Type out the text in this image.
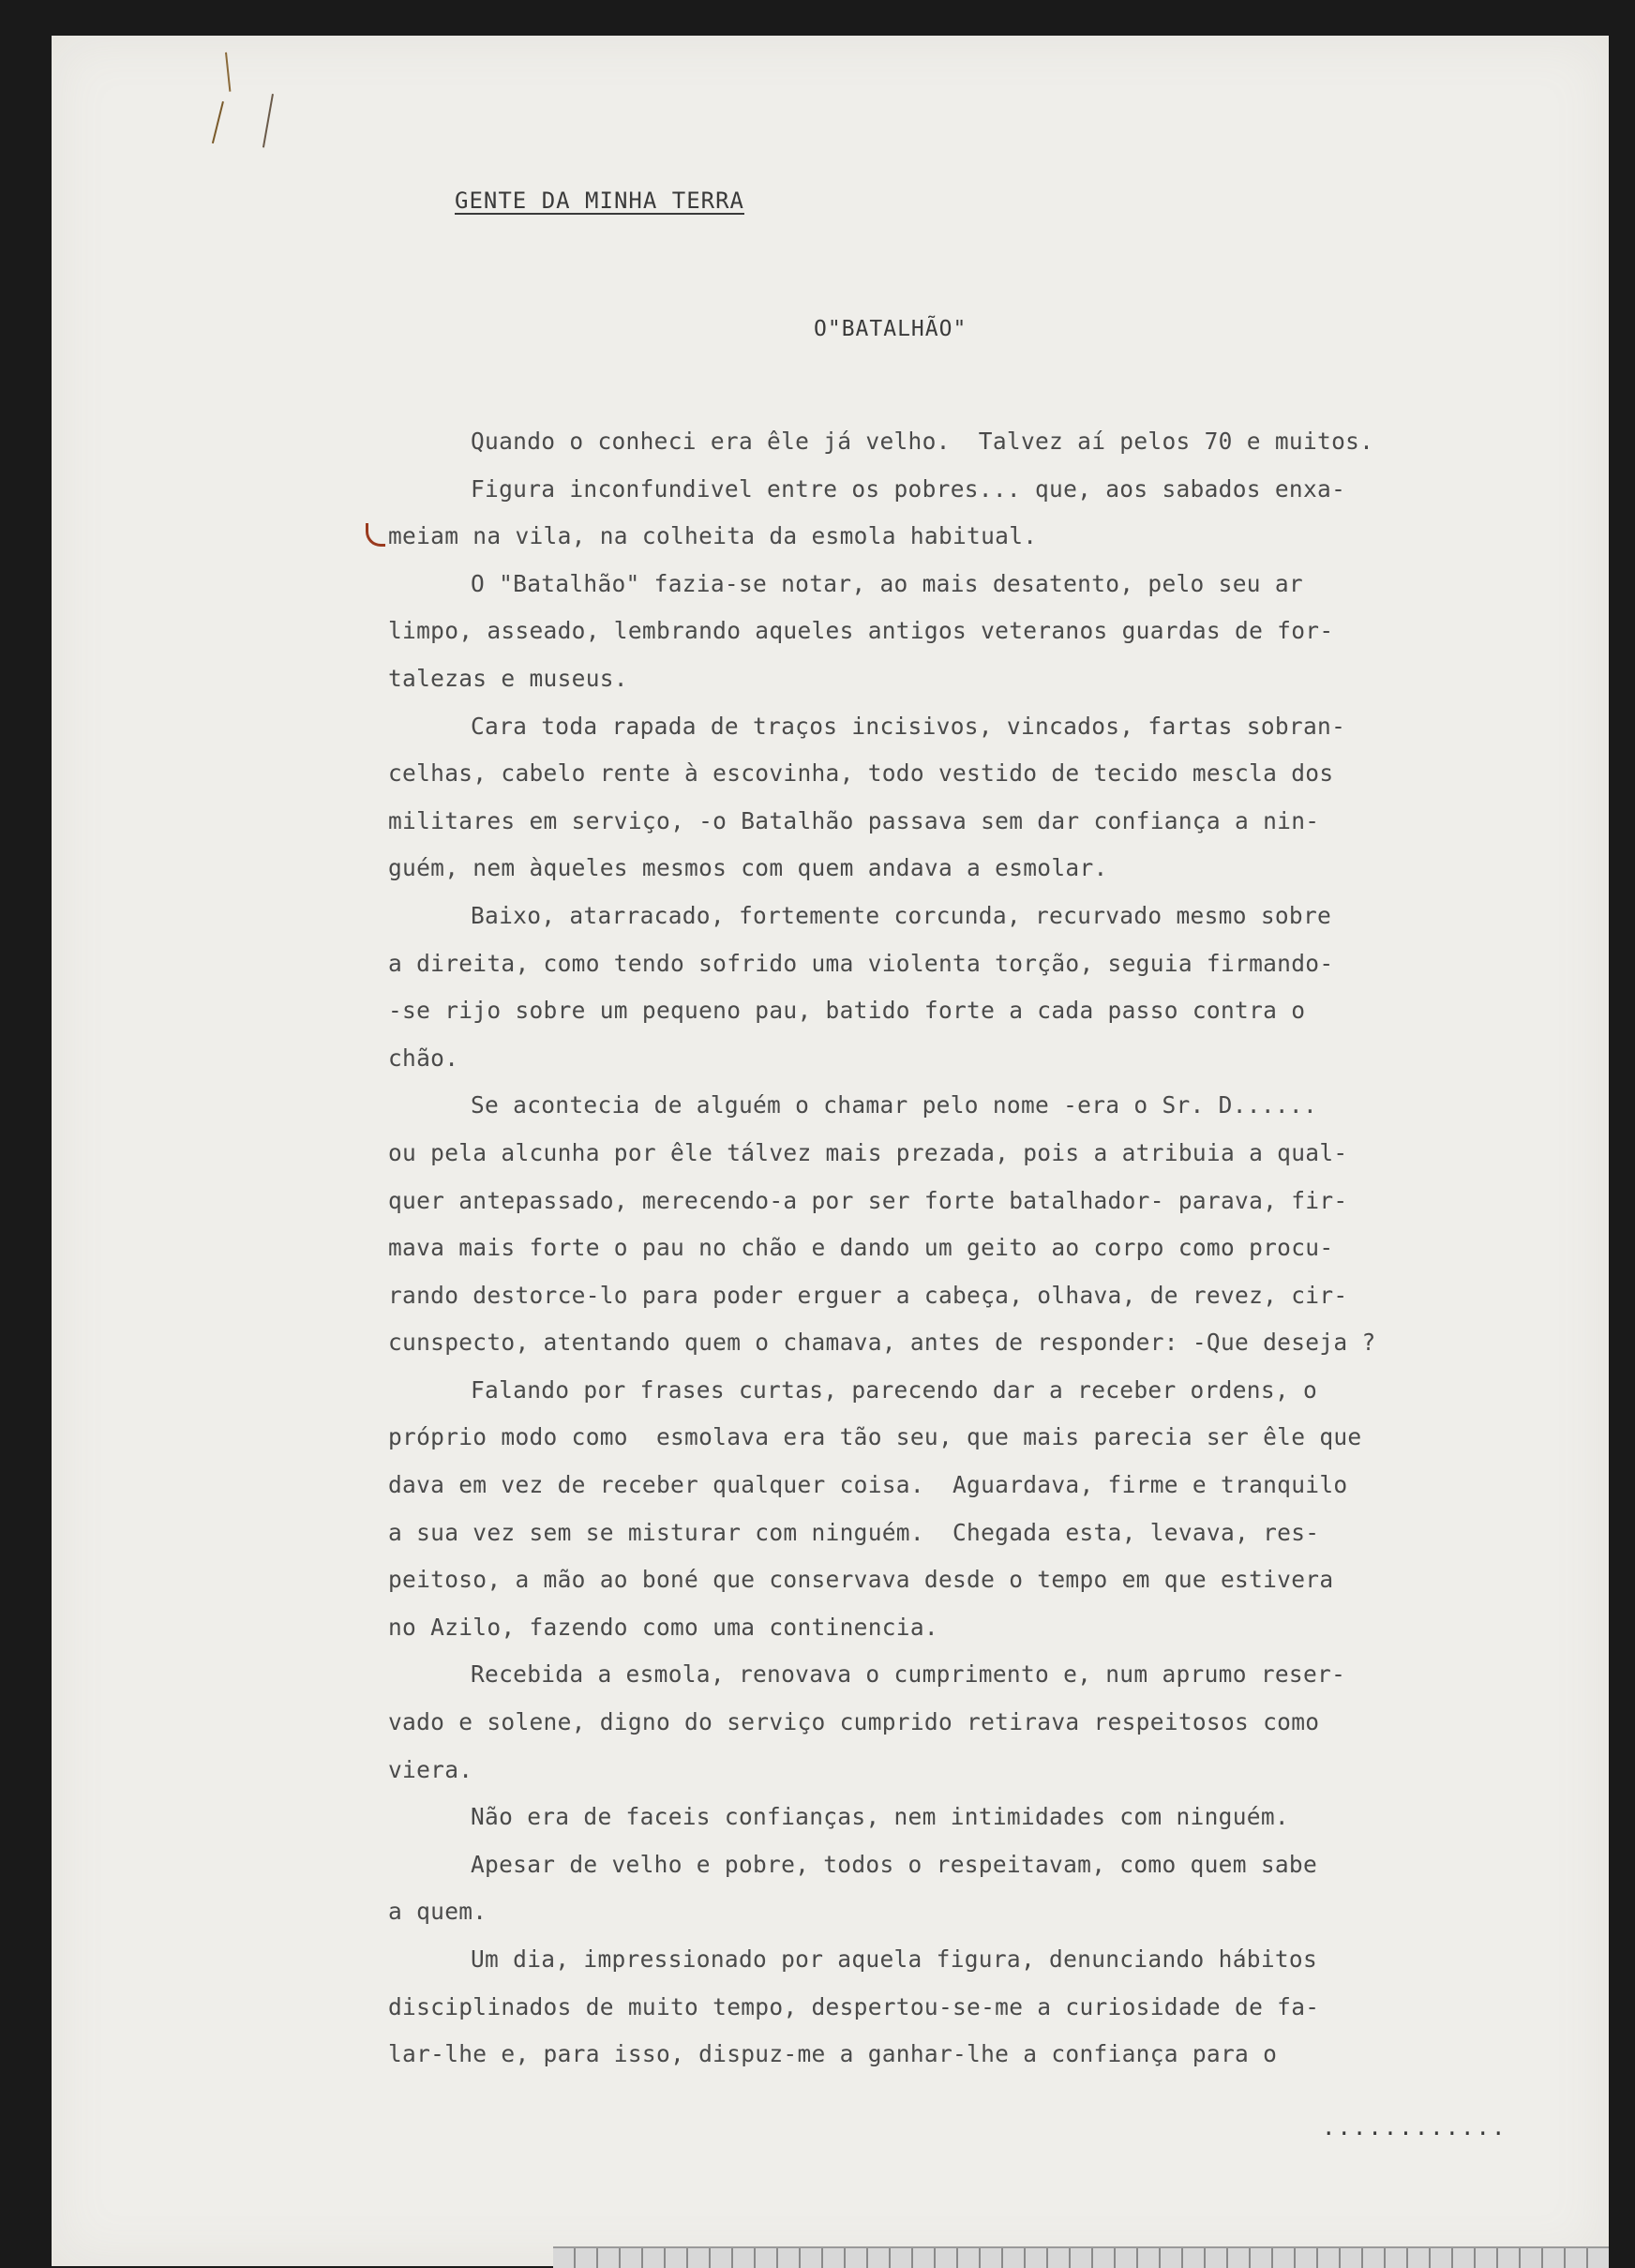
GENTE DA MINHA TERRA
O"BATALHÃO"
Quando o conheci era êle já velho.  Talvez aí pelos 70 e muitos.
Figura inconfundivel entre os pobres... que, aos sabados enxa-
meiam na vila, na colheita da esmola habitual.
O "Batalhão" fazia-se notar, ao mais desatento, pelo seu ar
limpo, asseado, lembrando aqueles antigos veteranos guardas de for-
talezas e museus.
Cara toda rapada de traços incisivos, vincados, fartas sobran-
celhas, cabelo rente à escovinha, todo vestido de tecido mescla dos
militares em serviço, -o Batalhão passava sem dar confiança a nin-
guém, nem àqueles mesmos com quem andava a esmolar.
Baixo, atarracado, fortemente corcunda, recurvado mesmo sobre
a direita, como tendo sofrido uma violenta torção, seguia firmando-
-se rijo sobre um pequeno pau, batido forte a cada passo contra o
chão.
Se acontecia de alguém o chamar pelo nome -era o Sr. D......
ou pela alcunha por êle tálvez mais prezada, pois a atribuia a qual-
quer antepassado, merecendo-a por ser forte batalhador- parava, fir-
mava mais forte o pau no chão e dando um geito ao corpo como procu-
rando destorce-lo para poder erguer a cabeça, olhava, de revez, cir-
cunspecto, atentando quem o chamava, antes de responder: -Que deseja ?
Falando por frases curtas, parecendo dar a receber ordens, o
próprio modo como  esmolava era tão seu, que mais parecia ser êle que
dava em vez de receber qualquer coisa.  Aguardava, firme e tranquilo
a sua vez sem se misturar com ninguém.  Chegada esta, levava, res-
peitoso, a mão ao boné que conservava desde o tempo em que estivera
no Azilo, fazendo como uma continencia.
Recebida a esmola, renovava o cumprimento e, num aprumo reser-
vado e solene, digno do serviço cumprido retirava respeitosos como
viera.
Não era de faceis confianças, nem intimidades com ninguém.
Apesar de velho e pobre, todos o respeitavam, como quem sabe
a quem.
Um dia, impressionado por aquela figura, denunciando hábitos
disciplinados de muito tempo, despertou-se-me a curiosidade de fa-
lar-lhe e, para isso, dispuz-me a ganhar-lhe a confiança para o
............
